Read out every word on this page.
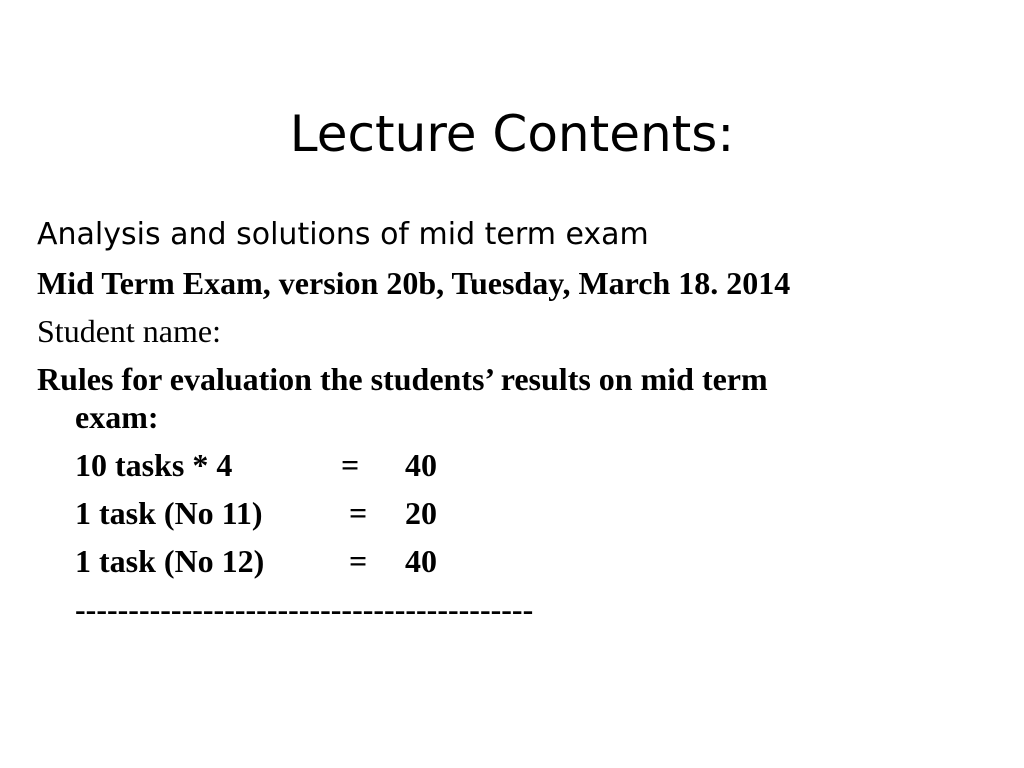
Lecture Contents:
Analysis and solutions of mid term exam
Mid Term Exam, version 20b, Tuesday, March 18. 2014
Student name:
Rules for evaluation the students’ results on mid term
exam:
10 tasks * 4	= 40
1 task (No 11)	= 20
1 task (No 12)	= 40
-------------------------------------------
